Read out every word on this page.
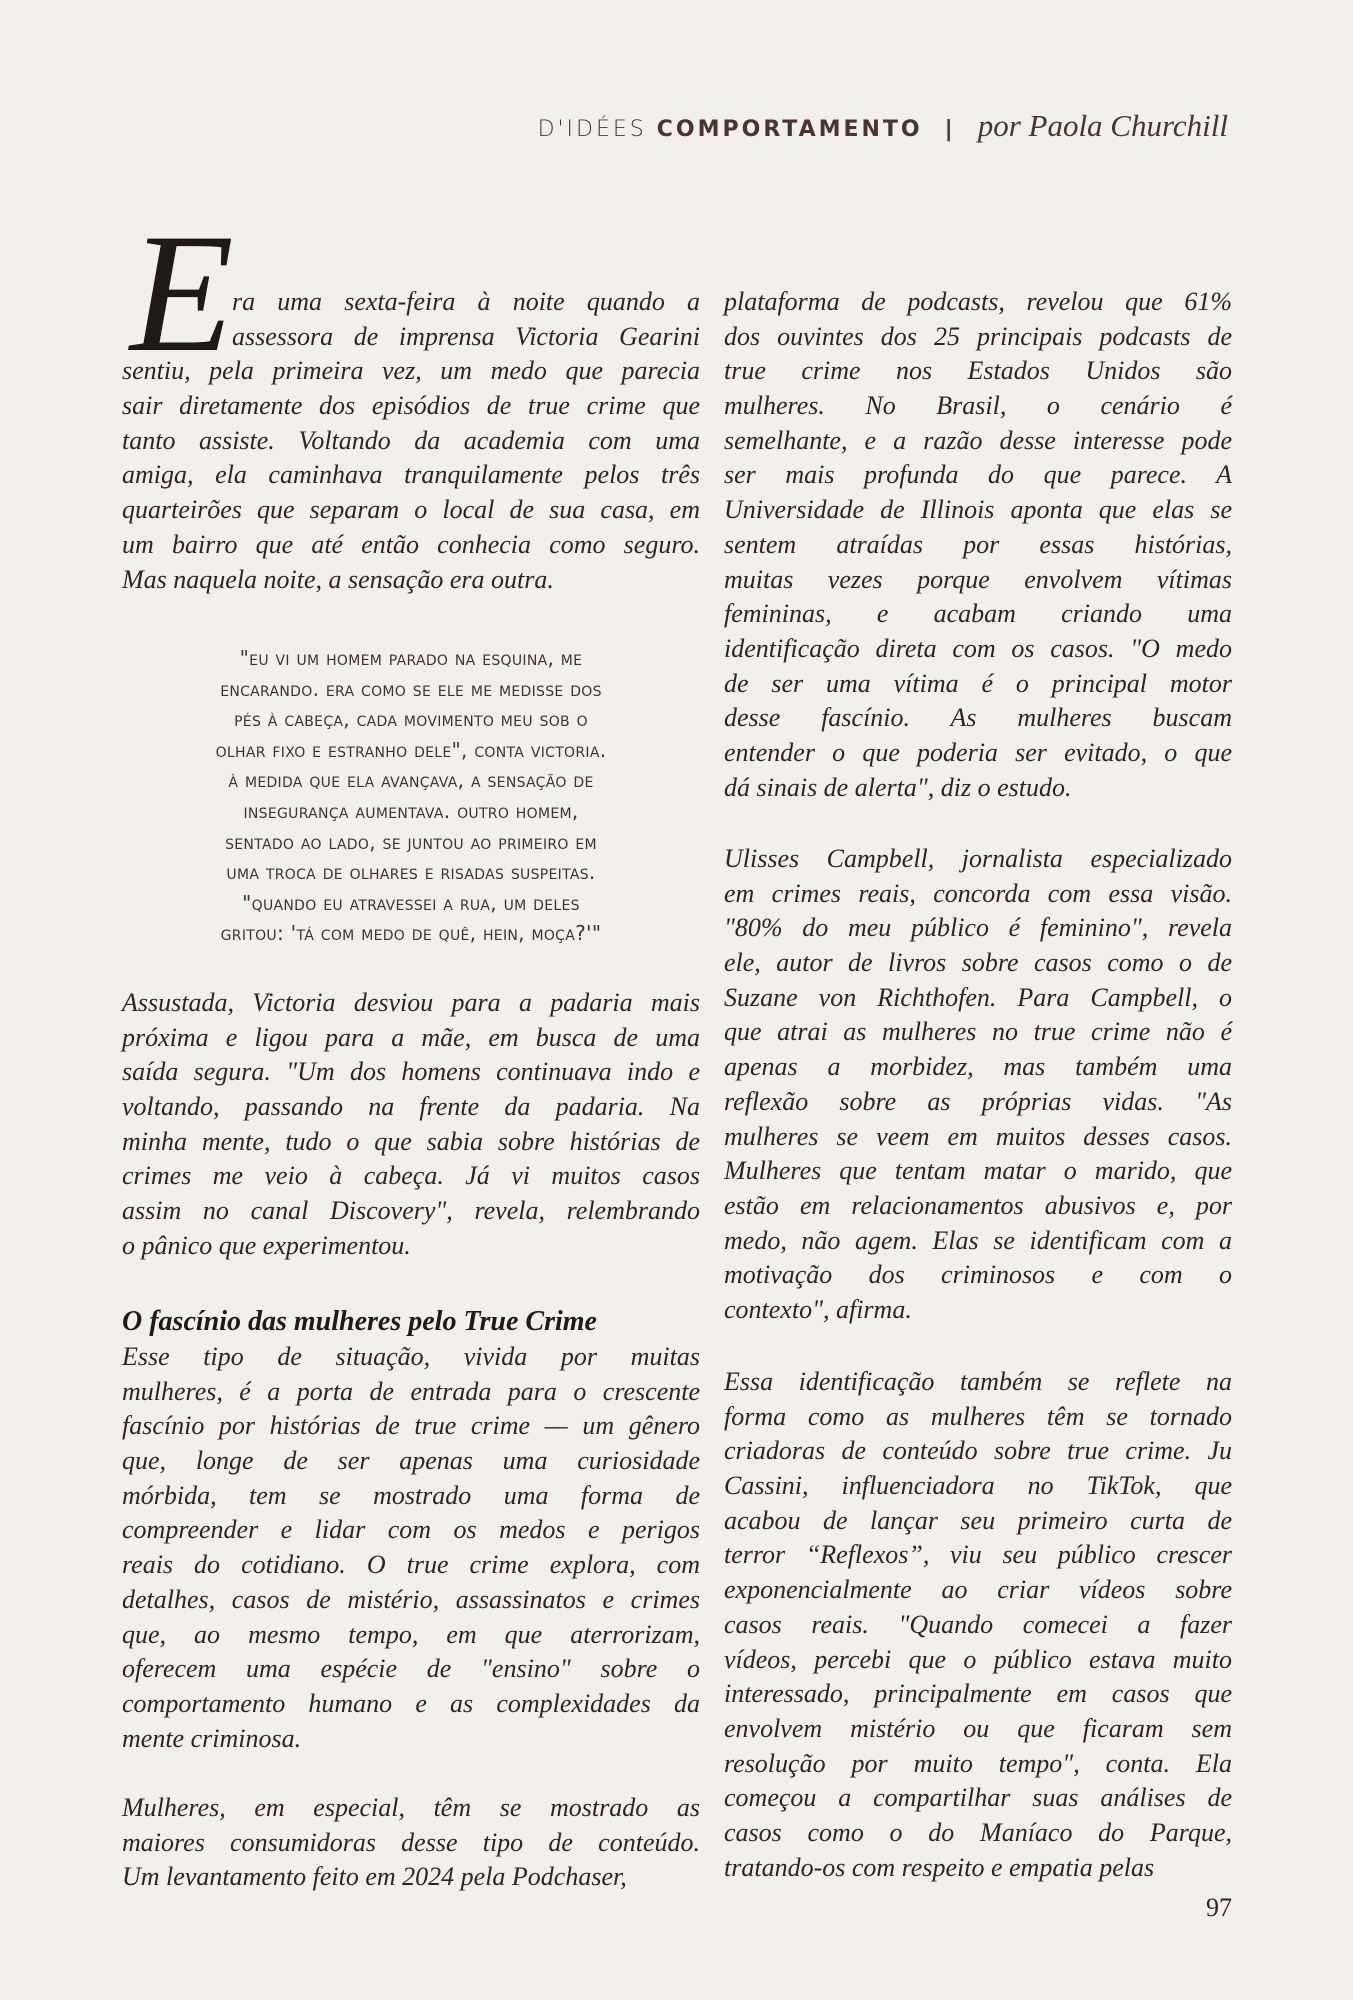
D'IDÉES COMPORTAMENTO | por Paola Churchill
E
ra uma sexta-feira à noite quando a
assessora de imprensa Victoria Gearini
sentiu, pela primeira vez, um medo que parecia
sair diretamente dos episódios de true crime que
tanto assiste. Voltando da academia com uma
amiga, ela caminhava tranquilamente pelos três
quarteirões que separam o local de sua casa, em
um bairro que até então conhecia como seguro.
Mas naquela noite, a sensação era outra.
"eu vi um homem parado na esquina, me
encarando. era como se ele me medisse dos
pés à cabeça, cada movimento meu sob o
olhar fixo e estranho dele", conta victoria.
à medida que ela avançava, a sensação de
insegurança aumentava. outro homem,
sentado ao lado, se juntou ao primeiro em
uma troca de olhares e risadas suspeitas.
"quando eu atravessei a rua, um deles
gritou: 'tá com medo de quê, hein, moça?'"
Assustada, Victoria desviou para a padaria mais
próxima e ligou para a mãe, em busca de uma
saída segura. "Um dos homens continuava indo e
voltando, passando na frente da padaria. Na
minha mente, tudo o que sabia sobre histórias de
crimes me veio à cabeça. Já vi muitos casos
assim no canal Discovery", revela, relembrando
o pânico que experimentou.
O fascínio das mulheres pelo True Crime
Esse tipo de situação, vivida por muitas
mulheres, é a porta de entrada para o crescente
fascínio por histórias de true crime — um gênero
que, longe de ser apenas uma curiosidade
mórbida, tem se mostrado uma forma de
compreender e lidar com os medos e perigos
reais do cotidiano. O true crime explora, com
detalhes, casos de mistério, assassinatos e crimes
que, ao mesmo tempo, em que aterrorizam,
oferecem uma espécie de "ensino" sobre o
comportamento humano e as complexidades da
mente criminosa.
Mulheres, em especial, têm se mostrado as
maiores consumidoras desse tipo de conteúdo.
Um levantamento feito em 2024 pela Podchaser,
plataforma de podcasts, revelou que 61%
dos ouvintes dos 25 principais podcasts de
true crime nos Estados Unidos são
mulheres. No Brasil, o cenário é
semelhante, e a razão desse interesse pode
ser mais profunda do que parece. A
Universidade de Illinois aponta que elas se
sentem atraídas por essas histórias,
muitas vezes porque envolvem vítimas
femininas, e acabam criando uma
identificação direta com os casos. "O medo
de ser uma vítima é o principal motor
desse fascínio. As mulheres buscam
entender o que poderia ser evitado, o que
dá sinais de alerta", diz o estudo.
Ulisses Campbell, jornalista especializado
em crimes reais, concorda com essa visão.
"80% do meu público é feminino", revela
ele, autor de livros sobre casos como o de
Suzane von Richthofen. Para Campbell, o
que atrai as mulheres no true crime não é
apenas a morbidez, mas também uma
reflexão sobre as próprias vidas. "As
mulheres se veem em muitos desses casos.
Mulheres que tentam matar o marido, que
estão em relacionamentos abusivos e, por
medo, não agem. Elas se identificam com a
motivação dos criminosos e com o
contexto", afirma.
Essa identificação também se reflete na
forma como as mulheres têm se tornado
criadoras de conteúdo sobre true crime. Ju
Cassini, influenciadora no TikTok, que
acabou de lançar seu primeiro curta de
terror “Reflexos”, viu seu público crescer
exponencialmente ao criar vídeos sobre
casos reais. "Quando comecei a fazer
vídeos, percebi que o público estava muito
interessado, principalmente em casos que
envolvem mistério ou que ficaram sem
resolução por muito tempo", conta. Ela
começou a compartilhar suas análises de
casos como o do Maníaco do Parque,
tratando-os com respeito e empatia pelas
97
